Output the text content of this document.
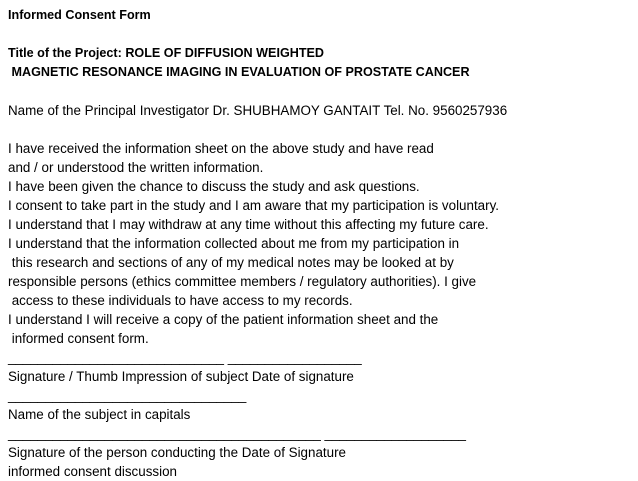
Informed Consent Form
Title of the Project: ROLE OF DIFFUSION WEIGHTED
MAGNETIC RESONANCE IMAGING IN EVALUATION OF PROSTATE CANCER
Name of the Principal Investigator Dr. SHUBHAMOY GANTAIT Tel. No. 9560257936
I have received the information sheet on the above study and have read
and / or understood the written information.
I have been given the chance to discuss the study and ask questions.
I consent to take part in the study and I am aware that my participation is voluntary.
I understand that I may withdraw at any time without this affecting my future care.
I understand that the information collected about me from my participation in
this research and sections of any of my medical notes may be looked at by
responsible persons (ethics committee members / regulatory authorities). I give
access to these individuals to have access to my records.
I understand I will receive a copy of the patient information sheet and the
informed consent form.
_____________________________ __________________
Signature / Thumb Impression of subject Date of signature
________________________________
Name of the subject in capitals
__________________________________________ ___________________
Signature of the person conducting the Date of Signature
informed consent discussion
